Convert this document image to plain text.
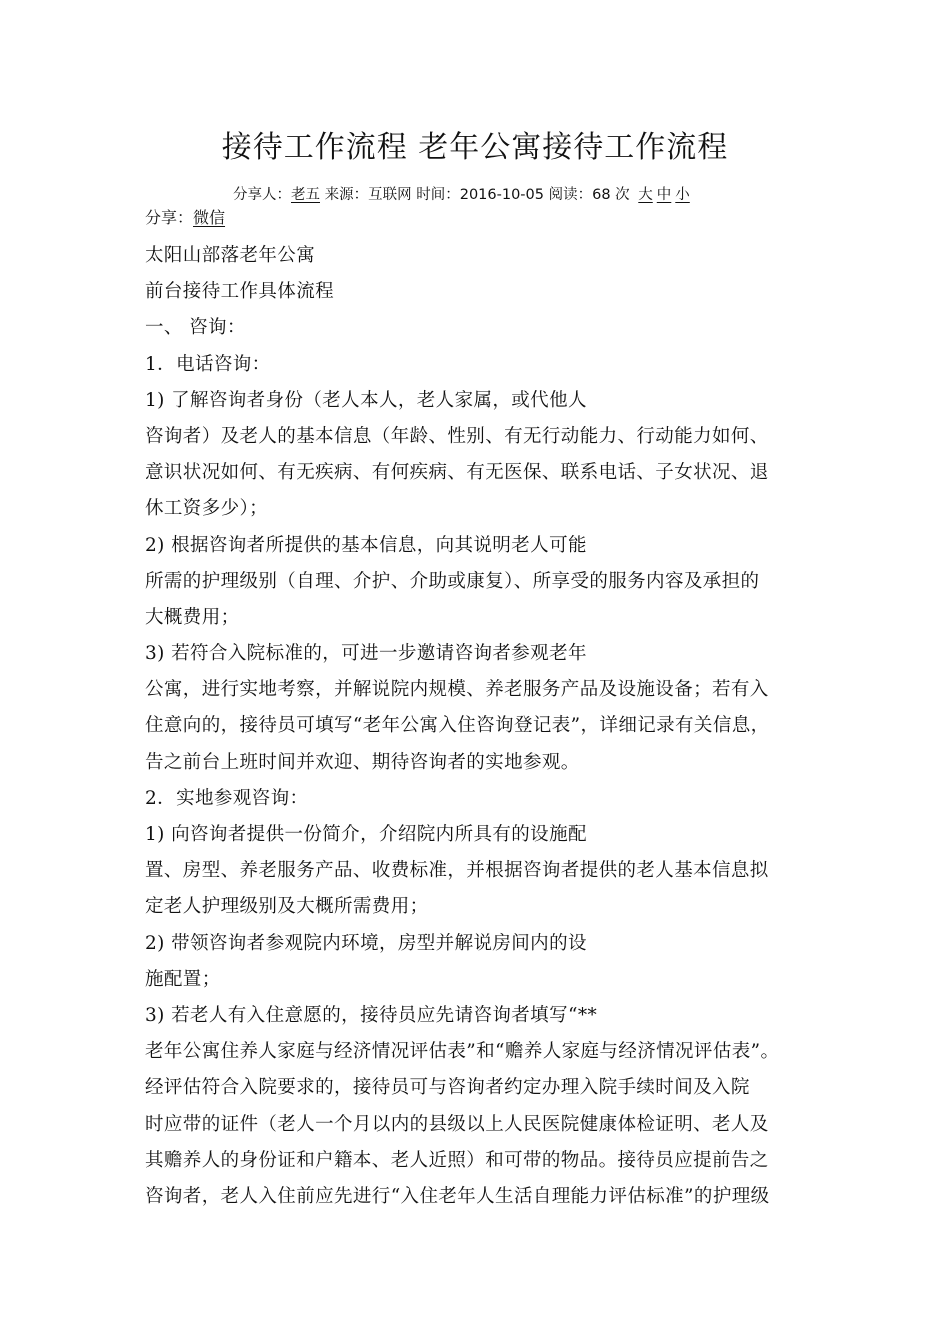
接待工作流程 老年公寓接待工作流程
分享人：老五 来源：互联网 时间：2016-10-05 阅读：68 次 大 中 小
分享：微信
太阳山部落老年公寓
前台接待工作具体流程
一、 咨询：
1．电话咨询：
1) 了解咨询者身份（老人本人，老人家属，或代他人
咨询者）及老人的基本信息（年龄、性别、有无行动能力、行动能力如何、
意识状况如何、有无疾病、有何疾病、有无医保、联系电话、子女状况、退
休工资多少）；
2) 根据咨询者所提供的基本信息，向其说明老人可能
所需的护理级别（自理、介护、介助或康复）、所享受的服务内容及承担的
大概费用；
3) 若符合入院标准的，可进一步邀请咨询者参观老年
公寓，进行实地考察，并解说院内规模、养老服务产品及设施设备；若有入
住意向的，接待员可填写“老年公寓入住咨询登记表”，详细记录有关信息，
告之前台上班时间并欢迎、期待咨询者的实地参观。
2．实地参观咨询：
1) 向咨询者提供一份简介，介绍院内所具有的设施配
置、房型、养老服务产品、收费标准，并根据咨询者提供的老人基本信息拟
定老人护理级别及大概所需费用；
2) 带领咨询者参观院内环境，房型并解说房间内的设
施配置；
3) 若老人有入住意愿的，接待员应先请咨询者填写“**
老年公寓住养人家庭与经济情况评估表”和“赡养人家庭与经济情况评估表”。
经评估符合入院要求的，接待员可与咨询者约定办理入院手续时间及入院
时应带的证件（老人一个月以内的县级以上人民医院健康体检证明、老人及
其赡养人的身份证和户籍本、老人近照）和可带的物品。接待员应提前告之
咨询者，老人入住前应先进行“入住老年人生活自理能力评估标准”的护理级
